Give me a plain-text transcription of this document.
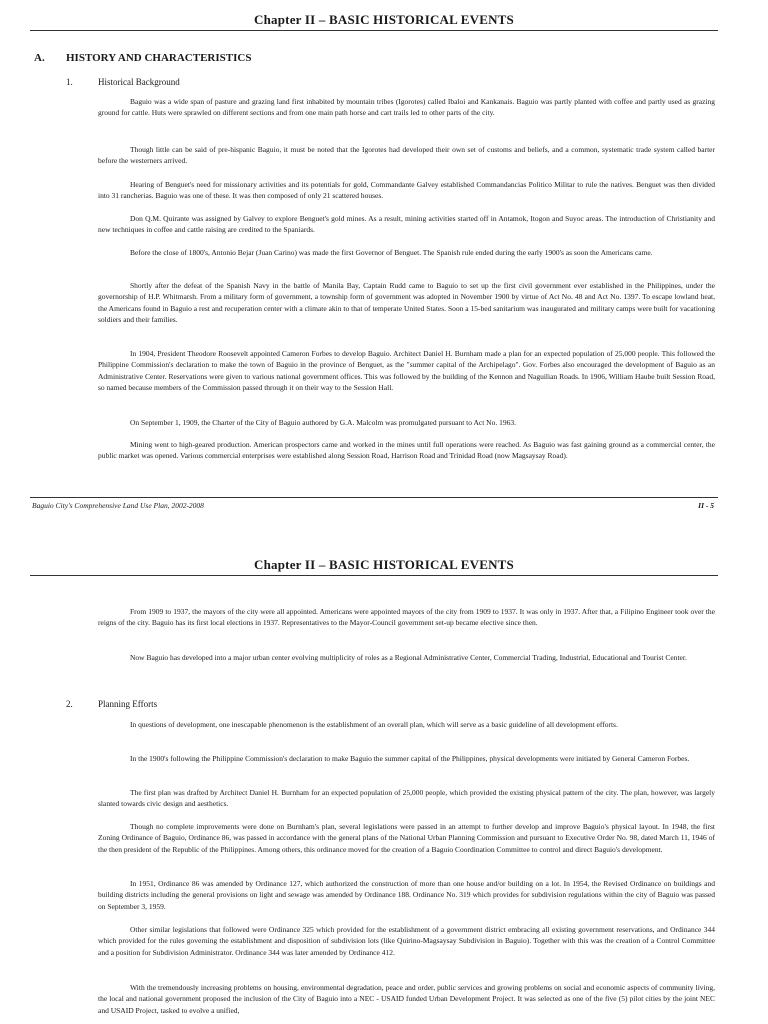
Chapter II – BASIC HISTORICAL EVENTS
A. HISTORY AND CHARACTERISTICS
1.	Historical Background

Baguio was a wide span of pasture and grazing land first inhabited by mountain tribes (Igorotes) called Ibaloi and Kankanais. Baguio was partly planted with coffee and partly used as grazing ground for cattle. Huts were sprawled on different sections and from one main path horse and cart trails led to other parts of the city.

Though little can be said of pre-hispanic Baguio, it must be noted that the Igorotes had developed their own set of customs and beliefs, and a common, systematic trade system called barter before the westerners arrived.

Hearing of Benguet's need for missionary activities and its potentials for gold, Commandante Galvey established Commandancias Politico Militar to rule the natives. Benguet was then divided into 31 rancherias. Baguio was one of these. It was then composed of only 21 scattered houses.

Don Q.M. Quirante was assigned by Galvey to explore Benguet's gold mines. As a result, mining activities started off in Antamok, Itogon and Suyoc areas. The introduction of Christianity and new techniques in coffee and cattle raising are credited to the Spaniards.

Before the close of 1800's, Antonio Bejar (Juan Carino) was made the first Governor of Benguet. The Spanish rule ended during the early 1900's as soon the Americans came.

Shortly after the defeat of the Spanish Navy in the battle of Manila Bay, Captain Rudd came to Baguio to set up the first civil government ever established in the Philippines, under the governorship of H.P. Whitmarsh. From a military form of government, a township form of government was adopted in November 1900 by virtue of Act No. 48 and Act No. 1397. To escape lowland heat, the Americans found in Baguio a rest and recuperation center with a climate akin to that of temperate United States. Soon a 15-bed sanitarium was inaugurated and military camps were built for vacationing soldiers and their families.

In 1904, President Theodore Roosevelt appointed Cameron Forbes to develop Baguio. Architect Daniel H. Burnham made a plan for an expected population of 25,000 people. This followed the Philippine Commission's declaration to make the town of Baguio in the province of Benguet, as the "summer capital of the Archipelago". Gov. Forbes also encouraged the development of Baguio as an Administrative Center. Reservations were given to various national government offices. This was followed by the building of the Kennon and Naguilian Roads. In 1906, William Haube built Session Road, so named because members of the Commission passed through it on their way to the Session Hall.

On September 1, 1909, the Charter of the City of Baguio authored by G.A. Malcolm was promulgated pursuant to Act No. 1963.

Mining went to high-geared production. American prospectors came and worked in the mines until full operations were reached. As Baguio was fast gaining ground as a commercial center, the public market was opened. Various commercial enterprises were established along Session Road, Harrison Road and Trinidad Road (now Magsaysay Road).

Baguio City's Comprehensive Land Use Plan, 2002-2008	II - 5
Chapter II – BASIC HISTORICAL EVENTS

From 1909 to 1937, the mayors of the city were all appointed. Americans were appointed mayors of the city from 1909 to 1937. It was only in 1937. After that, a Filipino Engineer took over the reigns of the city. Baguio has its first local elections in 1937. Representatives to the Mayor-Council government set-up became elective since then.

Now Baguio has developed into a major urban center evolving multiplicity of roles as a Regional Administrative Center, Commercial Trading, Industrial, Educational and Tourist Center.

2.	Planning Efforts

In questions of development, one inescapable phenomenon is the establishment of an overall plan, which will serve as a basic guideline of all development efforts.

In the 1900's following the Philippine Commission's declaration to make Baguio the summer capital of the Philippines, physical developments were initiated by General Cameron Forbes.

The first plan was drafted by Architect Daniel H. Burnham for an expected population of 25,000 people, which provided the existing physical pattern of the city. The plan, however, was largely slanted towards civic design and aesthetics.

Though no complete improvements were done on Burnham's plan, several legislations were passed in an attempt to further develop and improve Baguio's physical layout. In 1948, the first Zoning Ordinance of Baguio, Ordinance 86, was passed in accordance with the general plans of the National Urban Planning Commission and pursuant to Executive Order No. 98, dated March 11, 1946 of the then president of the Republic of the Philippines. Among others, this ordinance moved for the creation of a Baguio Coordination Committee to control and direct Baguio's development.

In 1951, Ordinance 86 was amended by Ordinance 127, which authorized the construction of more than one house and/or building on a lot. In 1954, the Revised Ordinance on buildings and building districts including the general provisions on light and sewage was amended by Ordinance 188. Ordinance No. 319 which provides for subdivision regulations within the city of Baguio was passed on September 3, 1959.

Other similar legislations that followed were Ordinance 325 which provided for the establishment of a government district embracing all existing government reservations, and Ordinance 344 which provided for the rules governing the establishment and disposition of subdivision lots (like Quirino-Magsaysay Subdivision in Baguio). Together with this was the creation of a Control Committee and a position for Subdivision Administrator. Ordinance 344 was later amended by Ordinance 412.

With the tremendously increasing problems on housing, environmental degradation, peace and order, public services and growing problems on social and economic aspects of community living, the local and national government proposed the inclusion of the City of Baguio into a NEC - USAID funded Urban Development Project. It was selected as one of the five (5) pilot cities by the joint NEC and USAID Project, tasked to evolve a unified,
